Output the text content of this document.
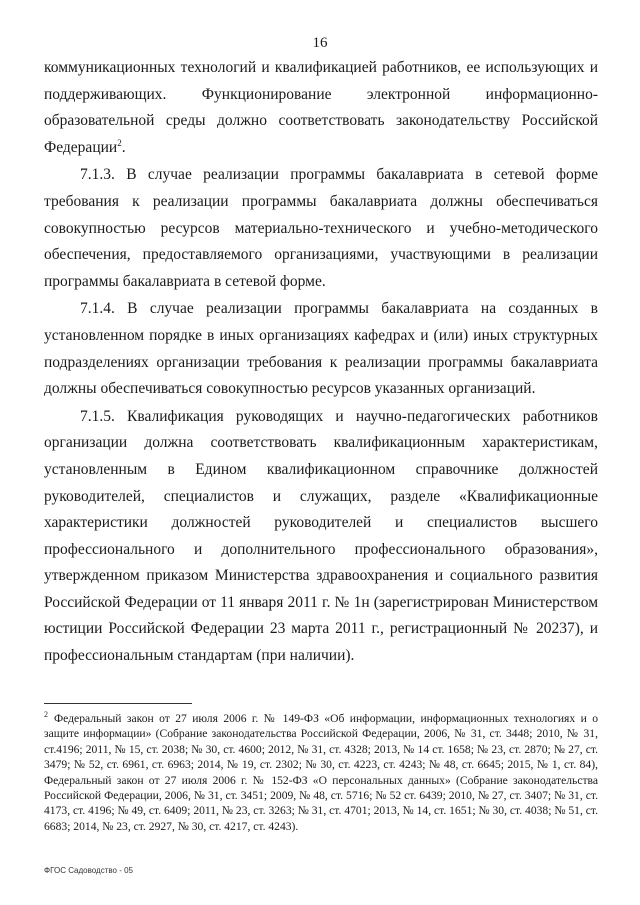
16

коммуникационных технологий и квалификацией работников, ее использующих и поддерживающих. Функционирование электронной информационно-образовательной среды должно соответствовать законодательству Российской Федерации$^2$.

7.1.3. В случае реализации программы бакалавриата в сетевой форме требования к реализации программы бакалавриата должны обеспечиваться совокупностью ресурсов материально-технического и учебно-методического обеспечения, предоставляемого организациями, участвующими в реализации программы бакалавриата в сетевой форме.

7.1.4. В случае реализации программы бакалавриата на созданных в установленном порядке в иных организациях кафедрах и (или) иных структурных подразделениях организации требования к реализации программы бакалавриата должны обеспечиваться совокупностью ресурсов указанных организаций.

7.1.5. Квалификация руководящих и научно-педагогических работников организации должна соответствовать квалификационным характеристикам, установленным в Едином квалификационном справочнике должностей руководителей, специалистов и служащих, разделе «Квалификационные характеристики должностей руководителей и специалистов высшего профессионального и дополнительного профессионального образования», утвержденном приказом Министерства здравоохранения и социального развития Российской Федерации от 11 января 2011 г. № 1н (зарегистрирован Министерством юстиции Российской Федерации 23 марта 2011 г., регистрационный № 20237), и профессиональным стандартам (при наличии).

$^2$ Федеральный закон от 27 июля 2006 г. № 149-ФЗ «Об информации, информационных технологиях и о защите информации» (Собрание законодательства Российской Федерации, 2006, № 31, ст. 3448; 2010, № 31, ст.4196; 2011, № 15, ст. 2038; № 30, ст. 4600; 2012, № 31, ст. 4328; 2013, № 14 ст. 1658; № 23, ст. 2870; № 27, ст. 3479; № 52, ст. 6961, ст. 6963; 2014, № 19, ст. 2302; № 30, ст. 4223, ст. 4243; № 48, ст. 6645; 2015, № 1, ст. 84), Федеральный закон от 27 июля 2006 г. № 152-ФЗ «О персональных данных» (Собрание законодательства Российской Федерации, 2006, № 31, ст. 3451; 2009, № 48, ст. 5716; № 52 ст. 6439; 2010, № 27, ст. 3407; № 31, ст. 4173, ст. 4196; № 49, ст. 6409; 2011, № 23, ст. 3263; № 31, ст. 4701; 2013, № 14, ст. 1651; № 30, ст. 4038; № 51, ст. 6683; 2014, № 23, ст. 2927, № 30, ст. 4217, ст. 4243).
ФГОС Садоводство - 05
